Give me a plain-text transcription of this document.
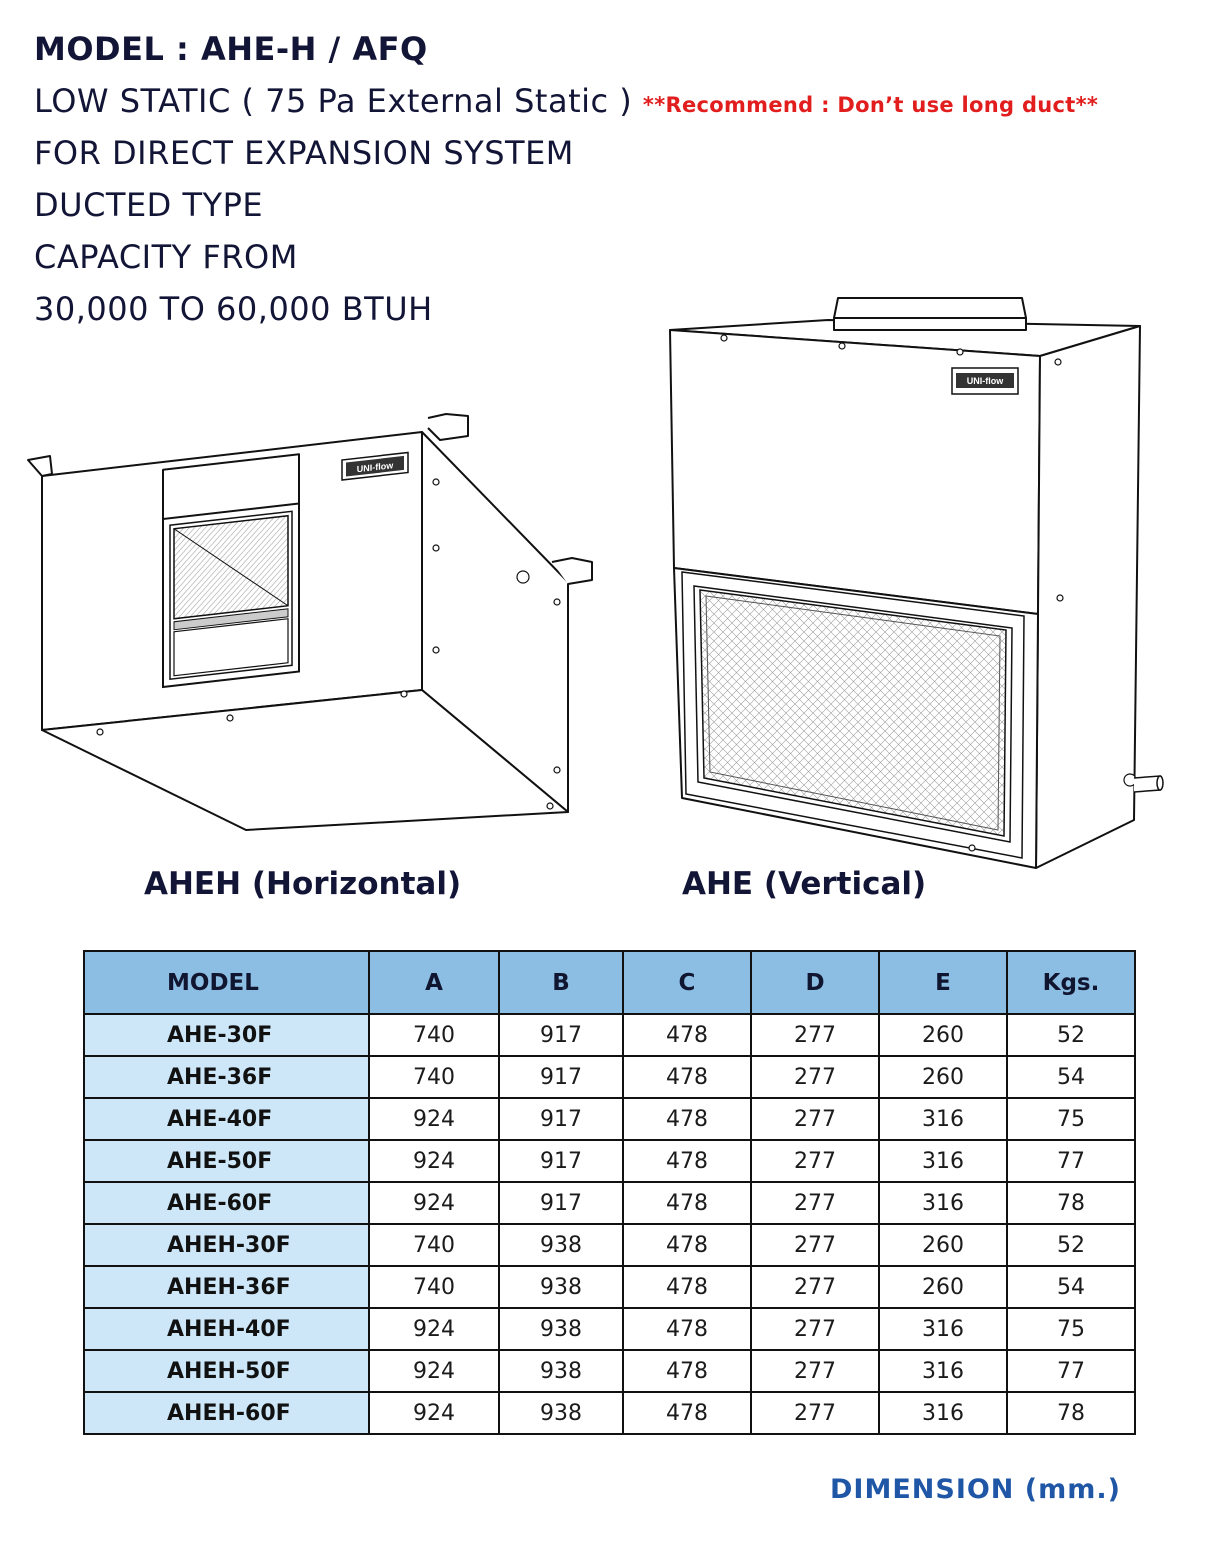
MODEL : AHE-H / AFQ
LOW STATIC ( 75 Pa External Static ) **Recommend : Don’t use long duct**
FOR DIRECT EXPANSION SYSTEM
DUCTED TYPE
CAPACITY FROM
30,000 TO 60,000 BTUH
UNI-flow
UNI-flow
AHEH (Horizontal)	AHE (Vertical)
MODEL	A	B	C	D	E	Kgs.
AHE-30F	740	917	478	277	260	52
AHE-36F	740	917	478	277	260	54
AHE-40F	924	917	478	277	316	75
AHE-50F	924	917	478	277	316	77
AHE-60F	924	917	478	277	316	78
AHEH-30F	740	938	478	277	260	52
AHEH-36F	740	938	478	277	260	54
AHEH-40F	924	938	478	277	316	75
AHEH-50F	924	938	478	277	316	77
AHEH-60F	924	938	478	277	316	78
DIMENSION (mm.)
